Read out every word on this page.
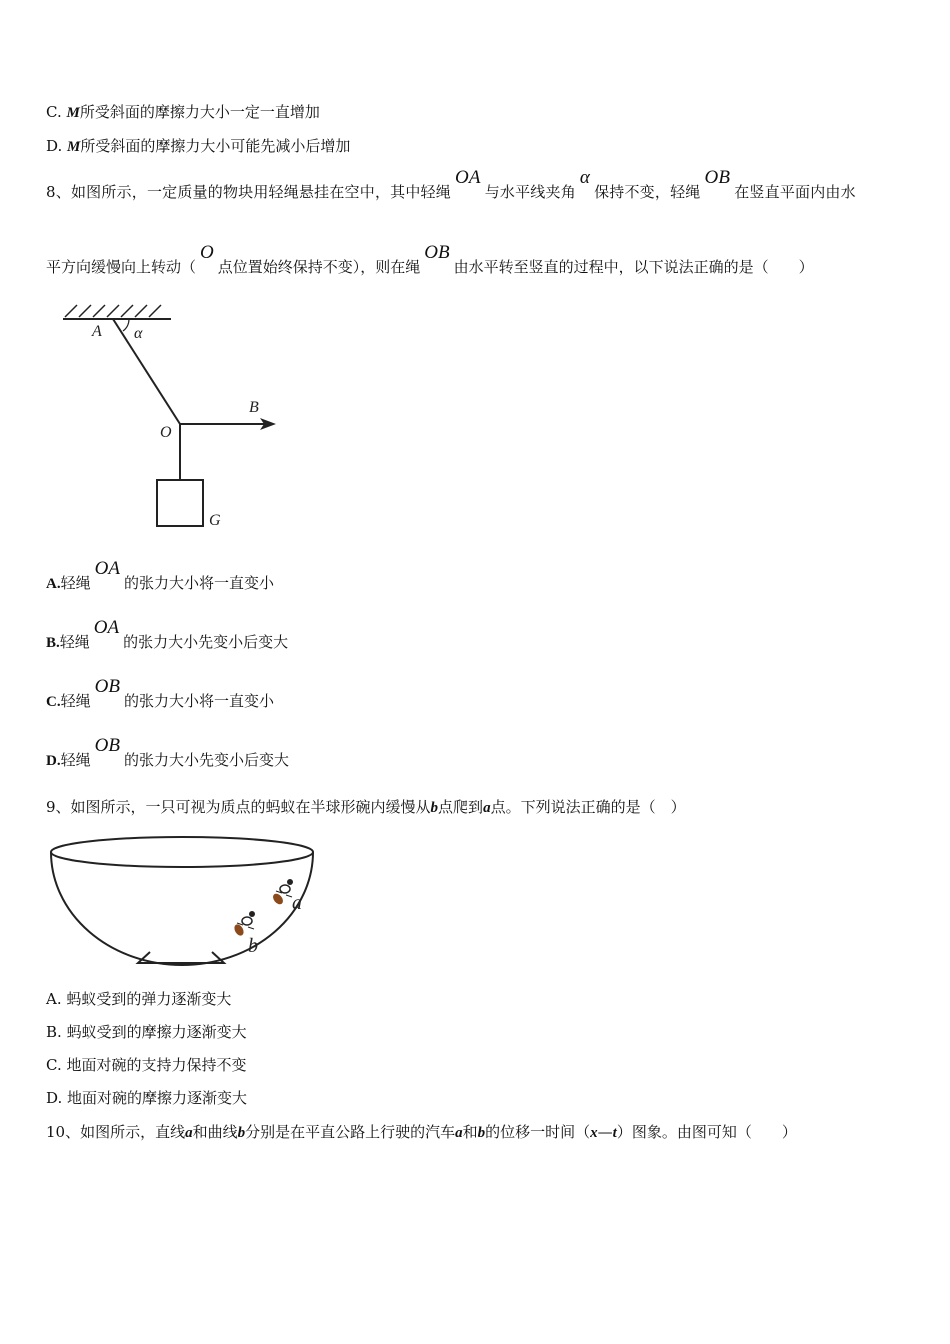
C. M所受斜面的摩擦力大小一定一直增加
D. M所受斜面的摩擦力大小可能先减小后增加
8、如图所示，一定质量的物块用轻绳悬挂在空中，其中轻绳OA与水平线夹角α保持不变，轻绳OB在竖直平面内由水
平方向缓慢向上转动（O点位置始终保持不变），则在绳OB由水平转至竖直的过程中，以下说法正确的是（　　）
A α
O
B
G
A.轻绳OA的张力大小将一直变小
B.轻绳OA的张力大小先变小后变大
C.轻绳OB的张力大小将一直变小
D.轻绳OB的张力大小先变小后变大
9、如图所示，一只可视为质点的蚂蚁在半球形碗内缓慢从b点爬到a点。下列说法正确的是（　）
a
b
A. 蚂蚁受到的弹力逐渐变大
B. 蚂蚁受到的摩擦力逐渐变大
C. 地面对碗的支持力保持不变
D. 地面对碗的摩擦力逐渐变大
10、如图所示，直线a和曲线b分别是在平直公路上行驶的汽车a和b的位移一时间（x—t）图象。由图可知（　　）
